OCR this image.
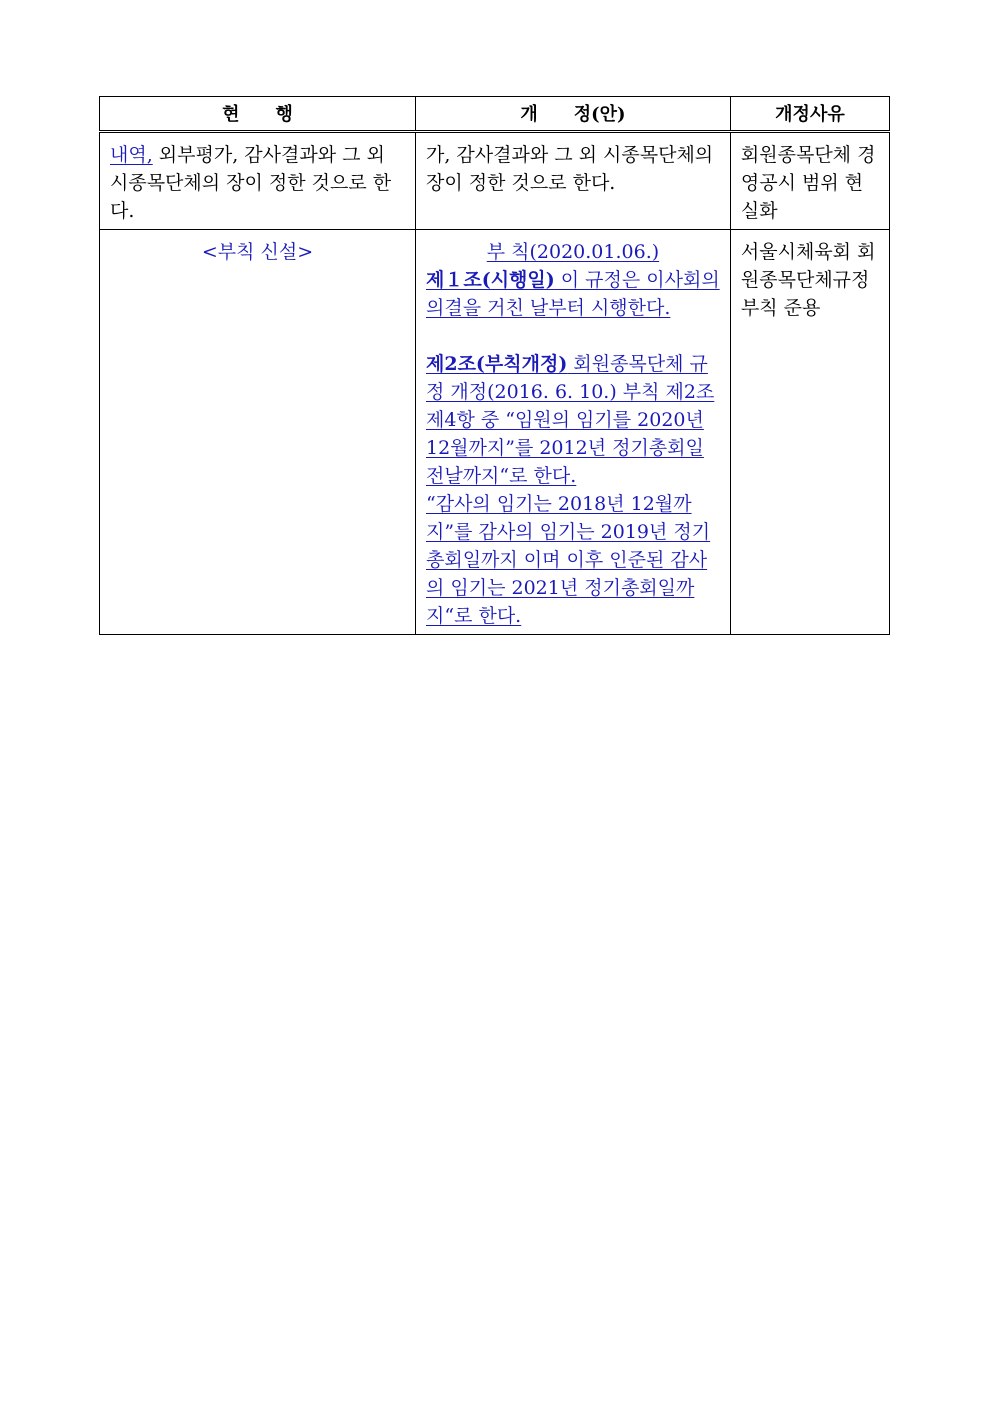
현　　행	개　　정(안)	개정사유
내역, 외부평가, 감사결과와 그 외 시종목단체의 장이 정한 것으로 한다.	가, 감사결과와 그 외 시종목단체의 장이 정한 것으로 한다.	회원종목단체 경영공시 범위 현실화

<부칙 신설>	부 칙(2020.01.06.)
제１조(시행일) 이 규정은 이사회의 의결을 거친 날부터 시행한다.
제2조(부칙개정) 회원종목단체 규정 개정(2016. 6. 10.) 부칙 제2조 제4항 중 “임원의 임기를 2020년 12월까지”를 2012년 정기총회일 전날까지“로 한다.
“감사의 임기는 2018년 12월까지”를 감사의 임기는 2019년 정기총회일까지 이며 이후 인준된 감사의 임기는 2021년 정기총회일까지“로 한다.	서울시체육회 회원종목단체규정 부칙 준용
